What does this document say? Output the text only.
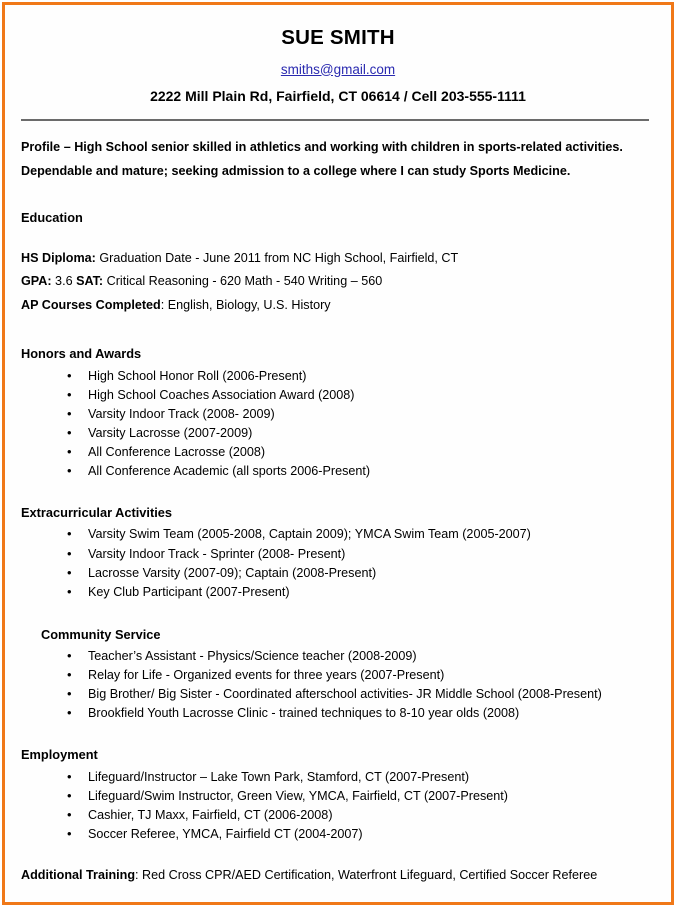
SUE SMITH
smiths@gmail.com
2222 Mill Plain Rd, Fairfield, CT 06614 / Cell 203-555-1111

Profile – High School senior skilled in athletics and working with children in sports-related activities.

Dependable and mature; seeking admission to a college where I can study Sports Medicine.

Education

HS Diploma: Graduation Date - June 2011 from NC High School, Fairfield, CT

GPA: 3.6 SAT: Critical Reasoning - 620 Math - 540 Writing – 560

AP Courses Completed: English, Biology, U.S. History

Honors and Awards

• High School Honor Roll (2006-Present)
• High School Coaches Association Award (2008)
• Varsity Indoor Track (2008- 2009)
• Varsity Lacrosse (2007-2009)
• All Conference Lacrosse (2008)
• All Conference Academic (all sports 2006-Present)

Extracurricular Activities

• Varsity Swim Team (2005-2008, Captain 2009); YMCA Swim Team (2005-2007)
• Varsity Indoor Track - Sprinter (2008- Present)
• Lacrosse Varsity (2007-09); Captain (2008-Present)
• Key Club Participant (2007-Present)

Community Service

• Teacher’s Assistant - Physics/Science teacher (2008-2009)
• Relay for Life - Organized events for three years (2007-Present)
• Big Brother/ Big Sister - Coordinated afterschool activities- JR Middle School (2008-Present)
• Brookfield Youth Lacrosse Clinic - trained techniques to 8-10 year olds (2008)

Employment

• Lifeguard/Instructor – Lake Town Park, Stamford, CT (2007-Present)
• Lifeguard/Swim Instructor, Green View, YMCA, Fairfield, CT (2007-Present)
• Cashier, TJ Maxx, Fairfield, CT (2006-2008)
• Soccer Referee, YMCA, Fairfield CT (2004-2007)

Additional Training: Red Cross CPR/AED Certification, Waterfront Lifeguard, Certified Soccer Referee
